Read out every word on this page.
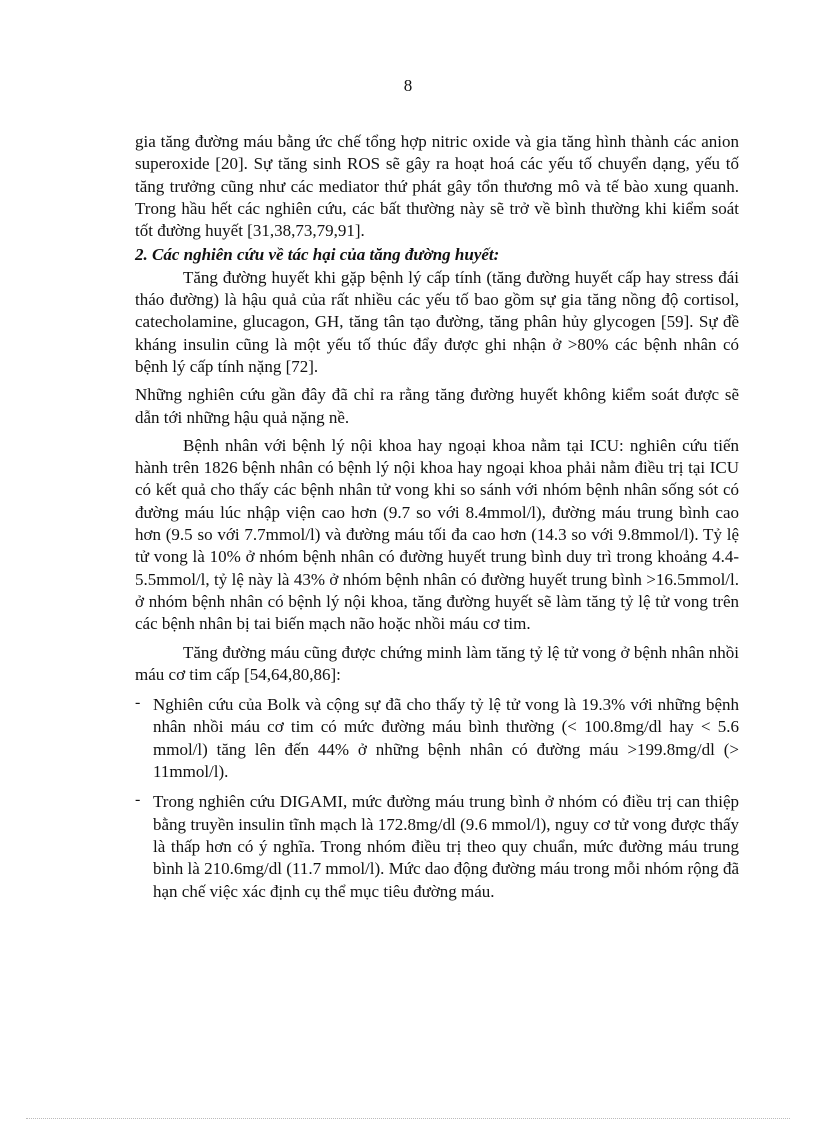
8

gia tăng đường máu bằng ức chế tổng hợp nitric oxide và gia tăng hình thành các anion superoxide [20]. Sự tăng sinh ROS sẽ gây ra hoạt hoá các yếu tố chuyển dạng, yếu tố tăng trưởng cũng như các mediator thứ phát gây tổn thương mô và tế bào xung quanh. Trong hầu hết các nghiên cứu, các bất thường này sẽ trở về bình thường khi kiểm soát tốt đường huyết [31,38,73,79,91].

2. Các nghiên cứu về tác hại của tăng đường huyết:

Tăng đường huyết khi gặp bệnh lý cấp tính (tăng đường huyết cấp hay stress đái tháo đường) là hậu quả của rất nhiều các yếu tố bao gồm sự gia tăng nồng độ cortisol, catecholamine, glucagon, GH, tăng tân tạo đường, tăng phân hủy glycogen [59]. Sự đề kháng insulin cũng là một yếu tố thúc đẩy được ghi nhận ở >80% các bệnh nhân có bệnh lý cấp tính nặng [72].

Những nghiên cứu gần đây đã chỉ ra rằng tăng đường huyết không kiểm soát được sẽ dẫn tới những hậu quả nặng nề.

Bệnh nhân với bệnh lý nội khoa hay ngoại khoa nằm tại ICU: nghiên cứu tiến hành trên 1826 bệnh nhân có bệnh lý nội khoa hay ngoại khoa phải nằm điều trị tại ICU có kết quả cho thấy các bệnh nhân tử vong khi so sánh với nhóm bệnh nhân sống sót có đường máu lúc nhập viện cao hơn (9.7 so với 8.4mmol/l), đường máu trung bình cao hơn (9.5 so với 7.7mmol/l) và đường máu tối đa cao hơn (14.3 so với 9.8mmol/l). Tỷ lệ tử vong là 10% ở nhóm bệnh nhân có đường huyết trung bình duy trì trong khoảng 4.4-5.5mmol/l, tỷ lệ này là 43% ở nhóm bệnh nhân có đường huyết trung bình >16.5mmol/l. ở nhóm bệnh nhân có bệnh lý nội khoa, tăng đường huyết sẽ làm tăng tỷ lệ tử vong trên các bệnh nhân bị tai biến mạch não hoặc nhồi máu cơ tim.

Tăng đường máu cũng được chứng minh làm tăng tỷ lệ tử vong ở bệnh nhân nhồi máu cơ tim cấp [54,64,80,86]:

- Nghiên cứu của Bolk và cộng sự đã cho thấy tỷ lệ tử vong là 19.3% với những bệnh nhân nhồi máu cơ tim có mức đường máu bình thường (< 100.8mg/dl hay < 5.6 mmol/l) tăng lên đến 44% ở những bệnh nhân có đường máu >199.8mg/dl (> 11mmol/l).

- Trong nghiên cứu DIGAMI, mức đường máu trung bình ở nhóm có điều trị can thiệp bằng truyền insulin tĩnh mạch là 172.8mg/dl (9.6 mmol/l), nguy cơ tử vong được thấy là thấp hơn có ý nghĩa. Trong nhóm điều trị theo quy chuẩn, mức đường máu trung bình là 210.6mg/dl (11.7 mmol/l). Mức dao động đường máu trong mỗi nhóm rộng đã hạn chế việc xác định cụ thể mục tiêu đường máu.
